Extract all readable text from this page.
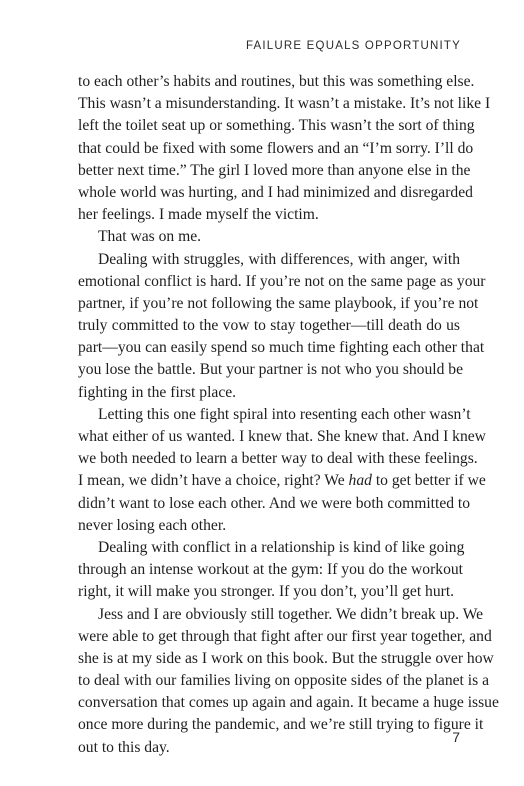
FAILURE EQUALS OPPORTUNITY
to each other’s habits and routines, but this was something else.
This wasn’t a misunderstanding. It wasn’t a mistake. It’s not like I
left the toilet seat up or something. This wasn’t the sort of thing
that could be fixed with some flowers and an “I’m sorry. I’ll do
better next time.” The girl I loved more than anyone else in the
whole world was hurting, and I had minimized and disregarded
her feelings. I made myself the victim.
That was on me.
Dealing with struggles, with differences, with anger, with
emotional conflict is hard. If you’re not on the same page as your
partner, if you’re not following the same playbook, if you’re not
truly committed to the vow to stay together—till death do us
part—you can easily spend so much time fighting each other that
you lose the battle. But your partner is not who you should be
fighting in the first place.
Letting this one fight spiral into resenting each other wasn’t
what either of us wanted. I knew that. She knew that. And I knew
we both needed to learn a better way to deal with these feelings.
I mean, we didn’t have a choice, right? We had to get better if we
didn’t want to lose each other. And we were both committed to
never losing each other.
Dealing with conflict in a relationship is kind of like going
through an intense workout at the gym: If you do the workout
right, it will make you stronger. If you don’t, you’ll get hurt.
Jess and I are obviously still together. We didn’t break up. We
were able to get through that fight after our first year together, and
she is at my side as I work on this book. But the struggle over how
to deal with our families living on opposite sides of the planet is a
conversation that comes up again and again. It became a huge issue
once more during the pandemic, and we’re still trying to figure it
out to this day.
7
